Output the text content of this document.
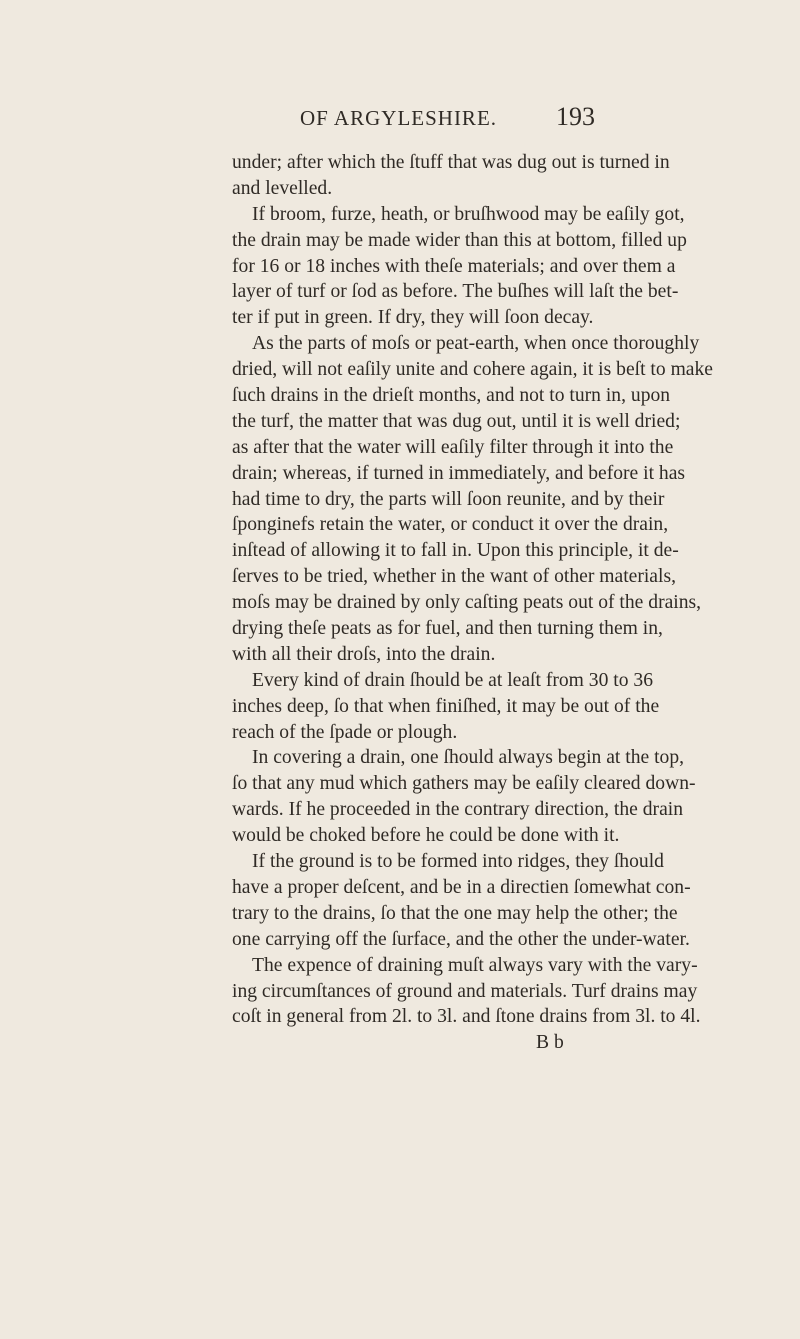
OF ARGYLESHIRE. 193
under; after which the ſtuff that was dug out is turned in
and levelled.
If broom, furze, heath, or bruſhwood may be eaſily got,
the drain may be made wider than this at bottom, filled up
for 16 or 18 inches with theſe materials; and over them a
layer of turf or ſod as before. The buſhes will laſt the bet-
ter if put in green. If dry, they will ſoon decay.
As the parts of moſs or peat-earth, when once thoroughly
dried, will not eaſily unite and cohere again, it is beſt to make
ſuch drains in the drieſt months, and not to turn in, upon
the turf, the matter that was dug out, until it is well dried;
as after that the water will eaſily filter through it into the
drain; whereas, if turned in immediately, and before it has
had time to dry, the parts will ſoon reunite, and by their
ſponginefs retain the water, or conduct it over the drain,
inſtead of allowing it to fall in. Upon this principle, it de-
ſerves to be tried, whether in the want of other materials,
moſs may be drained by only caſting peats out of the drains,
drying theſe peats as for fuel, and then turning them in,
with all their droſs, into the drain.
Every kind of drain ſhould be at leaſt from 30 to 36
inches deep, ſo that when finiſhed, it may be out of the
reach of the ſpade or plough.
In covering a drain, one ſhould always begin at the top,
ſo that any mud which gathers may be eaſily cleared down-
wards. If he proceeded in the contrary direction, the drain
would be choked before he could be done with it.
If the ground is to be formed into ridges, they ſhould
have a proper deſcent, and be in a directien ſomewhat con-
trary to the drains, ſo that the one may help the other; the
one carrying off the ſurface, and the other the under-water.
The expence of draining muſt always vary with the vary-
ing circumſtances of ground and materials. Turf drains may
coſt in general from 2l. to 3l. and ſtone drains from 3l. to 4l.
B b
